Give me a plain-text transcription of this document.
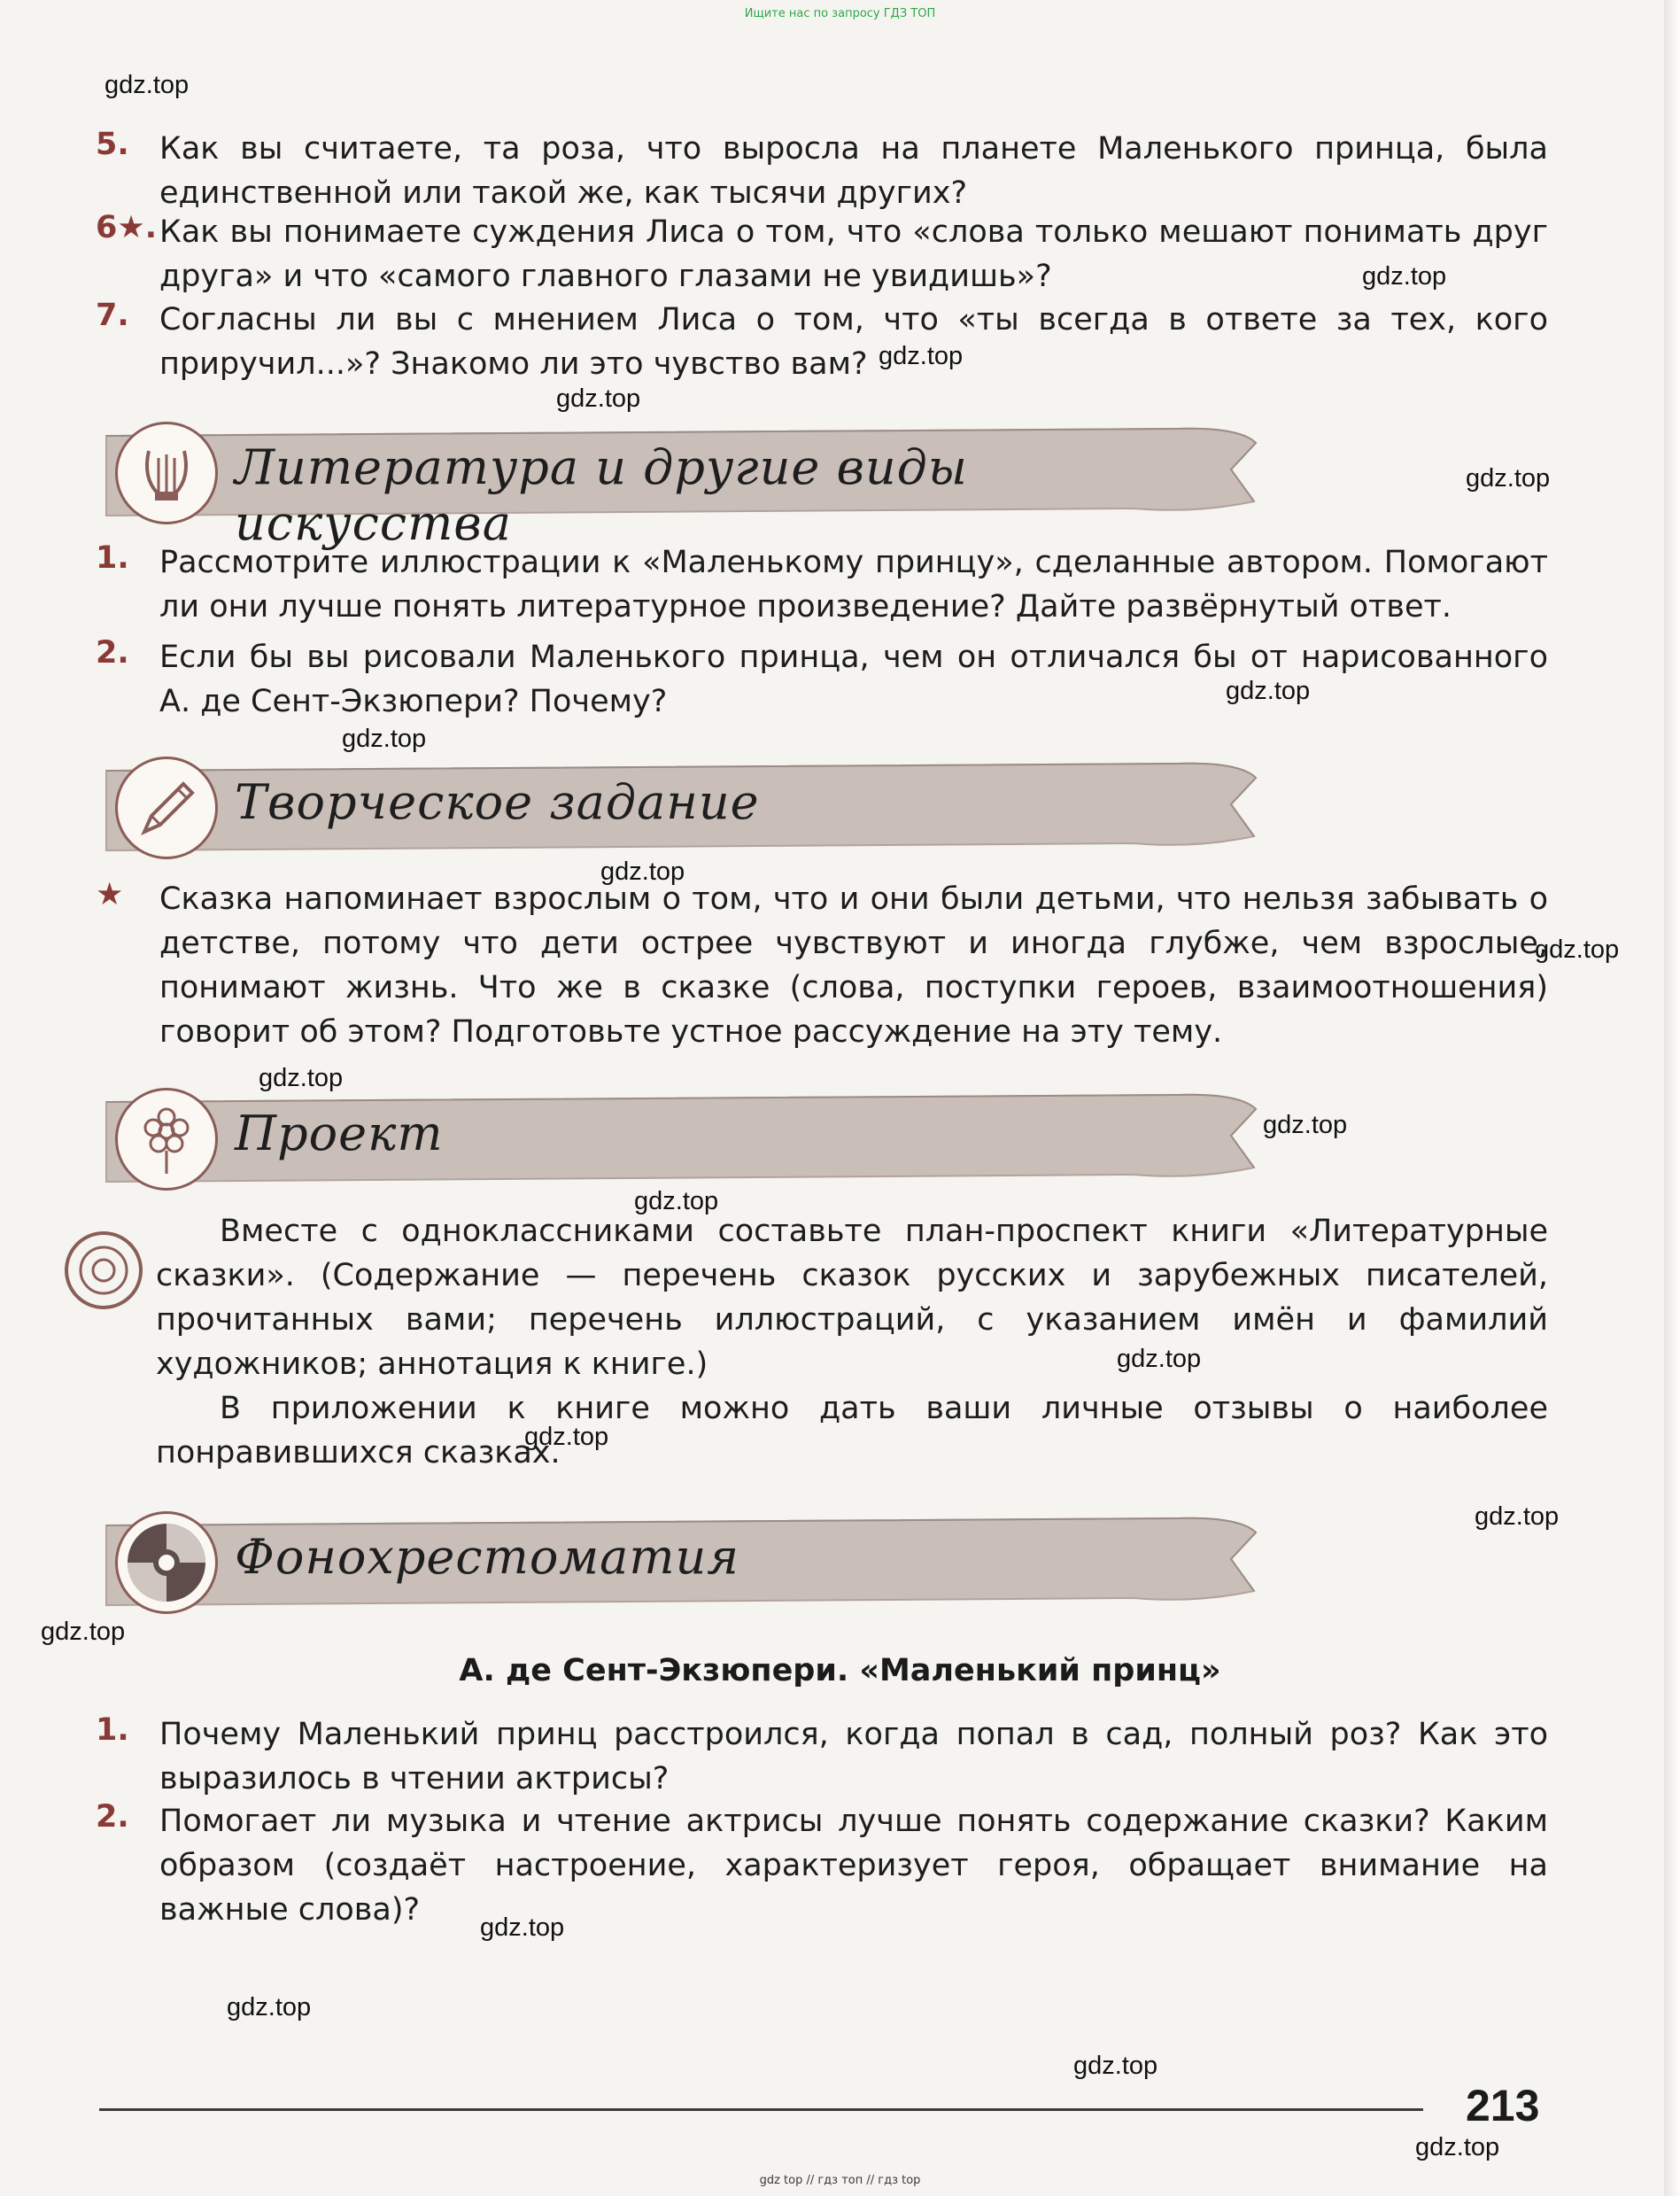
Ищите нас по запросу ГДЗ ТОП
gdz.top
gdz.top
gdz.top
gdz.top
gdz.top
gdz.top
gdz.top
gdz.top
gdz.top
gdz.top
gdz.top
gdz.top
gdz.top
gdz.top
gdz.top
gdz.top
gdz.top
gdz.top
gdz.top
gdz.top
5. Как вы считаете, та роза, что выросла на планете Маленького принца, была единственной или такой же, как тысячи других?
6★. Как вы понимаете суждения Лиса о том, что «слова только мешают понимать друг друга» и что «самого главного глазами не увидишь»?
7. Согласны ли вы с мнением Лиса о том, что «ты всегда в ответе за тех, кого приручил...»? Знакомо ли это чувство вам?
Литература и другие виды искусства
1. Рассмотрите иллюстрации к «Маленькому принцу», сделанные автором. Помогают ли они лучше понять литературное произведение? Дайте развёрнутый ответ.
2. Если бы вы рисовали Маленького принца, чем он отличался бы от нарисованного А. де Сент-Экзюпери? Почему?
Творческое задание
★ Сказка напоминает взрослым о том, что и они были детьми, что нельзя забывать о детстве, потому что дети острее чувствуют и иногда глубже, чем взрослые, понимают жизнь. Что же в сказке (слова, поступки героев, взаимоотношения) говорит об этом? Подготовьте устное рассуждение на эту тему.
Проект
Вместе с одноклассниками составьте план-проспект книги «Литературные сказки». (Содержание — перечень сказок русских и зарубежных писателей, прочитанных вами; перечень иллюстраций, с указанием имён и фамилий художников; аннотация к книге.)
В приложении к книге можно дать ваши личные отзывы о наиболее понравившихся сказках.
Фонохрестоматия
А. де Сент-Экзюпери. «Маленький принц»
1. Почему Маленький принц расстроился, когда попал в сад, полный роз? Как это выразилось в чтении актрисы?
2. Помогает ли музыка и чтение актрисы лучше понять содержание сказки? Каким образом (создаёт настроение, характеризует героя, обращает внимание на важные слова)?
213
gdz top // гдз топ // гдз top
